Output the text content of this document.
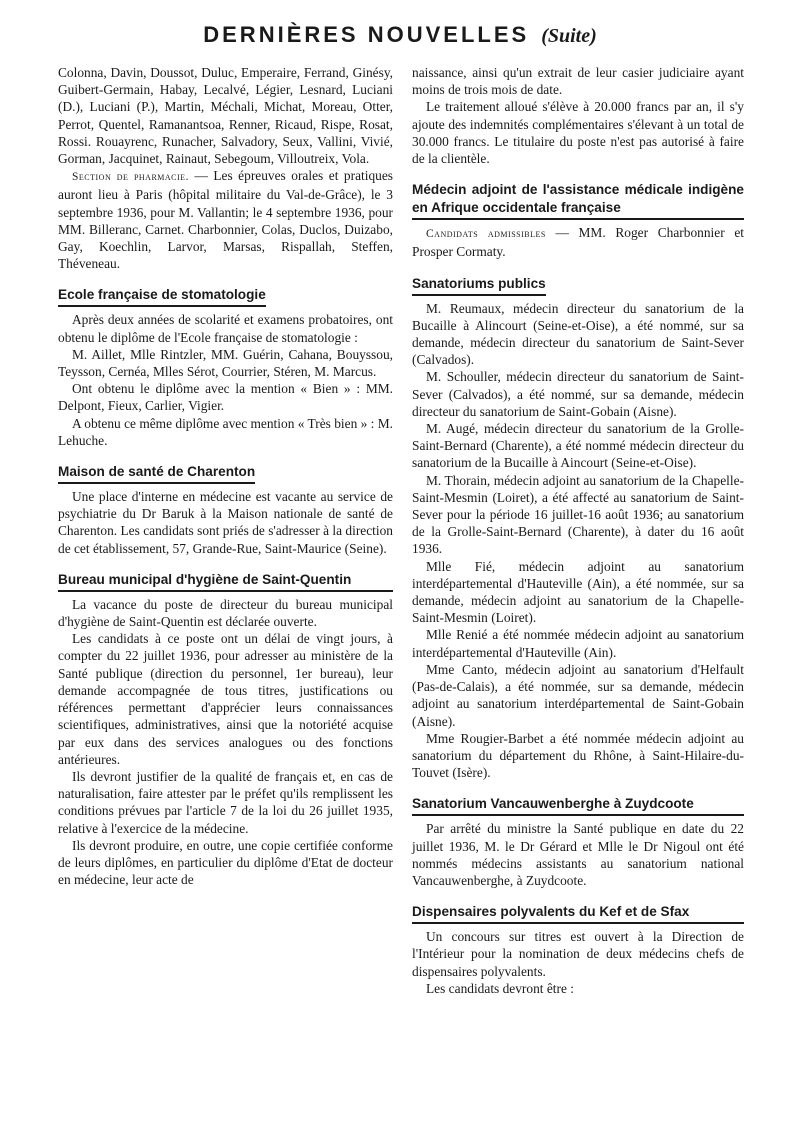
DERNIÈRES NOUVELLES (Suite)

Colonna, Davin, Doussot, Duluc, Emperaire, Ferrand, Ginésy, Guibert-Germain, Habay, Lecalvé, Légier, Lesnard, Luciani (D.), Luciani (P.), Martin, Méchali, Michat, Moreau, Otter, Perrot, Quentel, Ramanantsoa, Renner, Ricaud, Rispe, Rosat, Rossi. Rouayrenc, Runacher, Salvadory, Seux, Vallini, Vivié, Gorman, Jacquinet, Rainaut, Sebegoum, Villoutreix, Vola.

Section de pharmacie. — Les épreuves orales et pratiques auront lieu à Paris (hôpital militaire du Val-de-Grâce), le 3 septembre 1936, pour M. Vallantin; le 4 septembre 1936, pour MM. Billeranc, Carnet. Charbonnier, Colas, Duclos, Duizabo, Gay, Koechlin, Larvor, Marsas, Rispallah, Steffen, Théveneau.

Ecole française de stomatologie

Après deux années de scolarité et examens probatoires, ont obtenu le diplôme de l'Ecole française de stomatologie :

M. Aillet, Mlle Rintzler, MM. Guérin, Cahana, Bouyssou, Teysson, Cernéa, Mlles Sérot, Courrier, Stéren, M. Marcus.

Ont obtenu le diplôme avec la mention « Bien » : MM. Delpont, Fieux, Carlier, Vigier.

A obtenu ce même diplôme avec mention « Très bien » : M. Lehuche.

Maison de santé de Charenton

Une place d'interne en médecine est vacante au service de psychiatrie du Dr Baruk à la Maison nationale de santé de Charenton. Les candidats sont priés de s'adresser à la direction de cet établissement, 57, Grande-Rue, Saint-Maurice (Seine).

Bureau municipal d'hygiène de Saint-Quentin

La vacance du poste de directeur du bureau municipal d'hygiène de Saint-Quentin est déclarée ouverte.

Les candidats à ce poste ont un délai de vingt jours, à compter du 22 juillet 1936, pour adresser au ministère de la Santé publique (direction du personnel, 1er bureau), leur demande accompagnée de tous titres, justifications ou références permettant d'apprécier leurs connaissances scientifiques, administratives, ainsi que la notoriété acquise par eux dans des services analogues ou des fonctions antérieures.

Ils devront justifier de la qualité de français et, en cas de naturalisation, faire attester par le préfet qu'ils remplissent les conditions prévues par l'article 7 de la loi du 26 juillet 1935, relative à l'exercice de la médecine.

Ils devront produire, en outre, une copie certifiée conforme de leurs diplômes, en particulier du diplôme d'Etat de docteur en médecine, leur acte de

naissance, ainsi qu'un extrait de leur casier judiciaire ayant moins de trois mois de date.

Le traitement alloué s'élève à 20.000 francs par an, il s'y ajoute des indemnités complémentaires s'élevant à un total de 30.000 francs. Le titulaire du poste n'est pas autorisé à faire de la clientèle.

Médecin adjoint de l'assistance médicale indigène en Afrique occidentale française

Candidats admissibles — MM. Roger Charbonnier et Prosper Cormaty.

Sanatoriums publics

M. Reumaux, médecin directeur du sanatorium de la Bucaille à Alincourt (Seine-et-Oise), a été nommé, sur sa demande, médecin directeur du sanatorium de Saint-Sever (Calvados).

M. Schouller, médecin directeur du sanatorium de Saint-Sever (Calvados), a été nommé, sur sa demande, médecin directeur du sanatorium de Saint-Gobain (Aisne).

M. Augé, médecin directeur du sanatorium de la Grolle-Saint-Bernard (Charente), a été nommé médecin directeur du sanatorium de la Bucaille à Aincourt (Seine-et-Oise).

M. Thorain, médecin adjoint au sanatorium de la Chapelle-Saint-Mesmin (Loiret), a été affecté au sanatorium de Saint-Sever pour la période 16 juillet-16 août 1936; au sanatorium de la Grolle-Saint-Bernard (Charente), à dater du 16 août 1936.

Mlle Fié, médecin adjoint au sanatorium interdépartemental d'Hauteville (Ain), a été nommée, sur sa demande, médecin adjoint au sanatorium de la Chapelle-Saint-Mesmin (Loiret).

Mlle Renié a été nommée médecin adjoint au sanatorium interdépartemental d'Hauteville (Ain).

Mme Canto, médecin adjoint au sanatorium d'Helfault (Pas-de-Calais), a été nommée, sur sa demande, médecin adjoint au sanatorium interdépartemental de Saint-Gobain (Aisne).

Mme Rougier-Barbet a été nommée médecin adjoint au sanatorium du département du Rhône, à Saint-Hilaire-du-Touvet (Isère).

Sanatorium Vancauwenberghe à Zuydcoote

Par arrêté du ministre la Santé publique en date du 22 juillet 1936, M. le Dr Gérard et Mlle le Dr Nigoul ont été nommés médecins assistants au sanatorium national Vancauwenberghe, à Zuydcoote.

Dispensaires polyvalents du Kef et de Sfax

Un concours sur titres est ouvert à la Direction de l'Intérieur pour la nomination de deux médecins chefs de dispensaires polyvalents.

Les candidats devront être :
